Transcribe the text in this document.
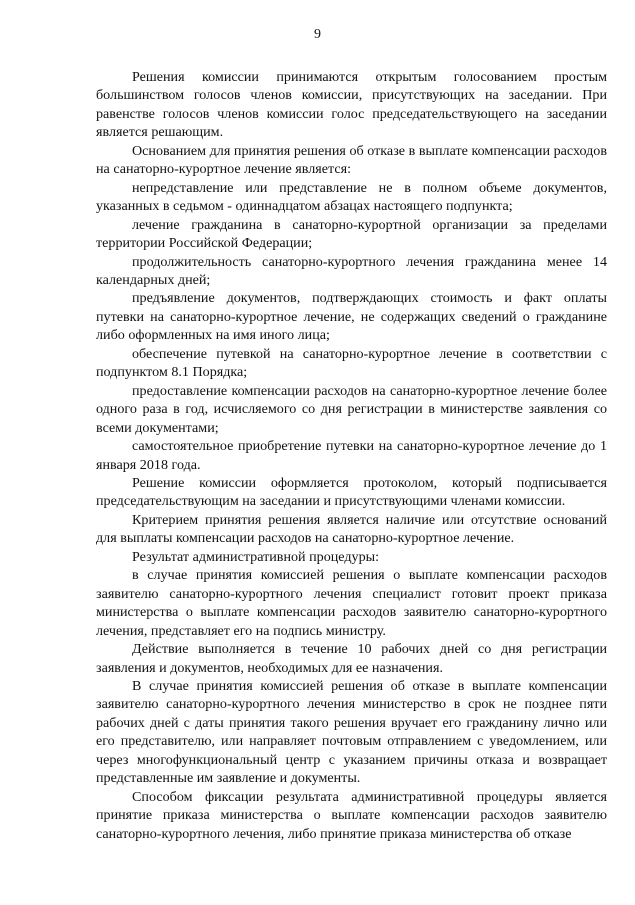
9

Решения комиссии принимаются открытым голосованием простым большинством голосов членов комиссии, присутствующих на заседании. При равенстве голосов членов комиссии голос председательствующего на заседании является решающим.

Основанием для принятия решения об отказе в выплате компенсации расходов на санаторно-курортное лечение является:

непредставление или представление не в полном объеме документов, указанных в седьмом - одиннадцатом абзацах настоящего подпункта;

лечение гражданина в санаторно-курортной организации за пределами территории Российской Федерации;

продолжительность санаторно-курортного лечения гражданина менее 14 календарных дней;

предъявление документов, подтверждающих стоимость и факт оплаты путевки на санаторно-курортное лечение, не содержащих сведений о гражданине либо оформленных на имя иного лица;

обеспечение путевкой на санаторно-курортное лечение в соответствии с подпунктом 8.1 Порядка;

предоставление компенсации расходов на санаторно-курортное лечение более одного раза в год, исчисляемого со дня регистрации в министерстве заявления со всеми документами;

самостоятельное приобретение путевки на санаторно-курортное лечение до 1 января 2018 года.

Решение комиссии оформляется протоколом, который подписывается председательствующим на заседании и присутствующими членами комиссии.

Критерием принятия решения является наличие или отсутствие оснований для выплаты компенсации расходов на санаторно-курортное лечение.

Результат административной процедуры:

в случае принятия комиссией решения о выплате компенсации расходов заявителю санаторно-курортного лечения специалист готовит проект приказа министерства о выплате компенсации расходов заявителю санаторно-курортного лечения, представляет его на подпись министру.

Действие выполняется в течение 10 рабочих дней со дня регистрации заявления и документов, необходимых для ее назначения.

В случае принятия комиссией решения об отказе в выплате компенсации заявителю санаторно-курортного лечения министерство в срок не позднее пяти рабочих дней с даты принятия такого решения вручает его гражданину лично или его представителю, или направляет почтовым отправлением с уведомлением, или через многофункциональный центр с указанием причины отказа и возвращает представленные им заявление и документы.

Способом фиксации результата административной процедуры является принятие приказа министерства о выплате компенсации расходов заявителю санаторно-курортного лечения, либо принятие приказа министерства об отказе
